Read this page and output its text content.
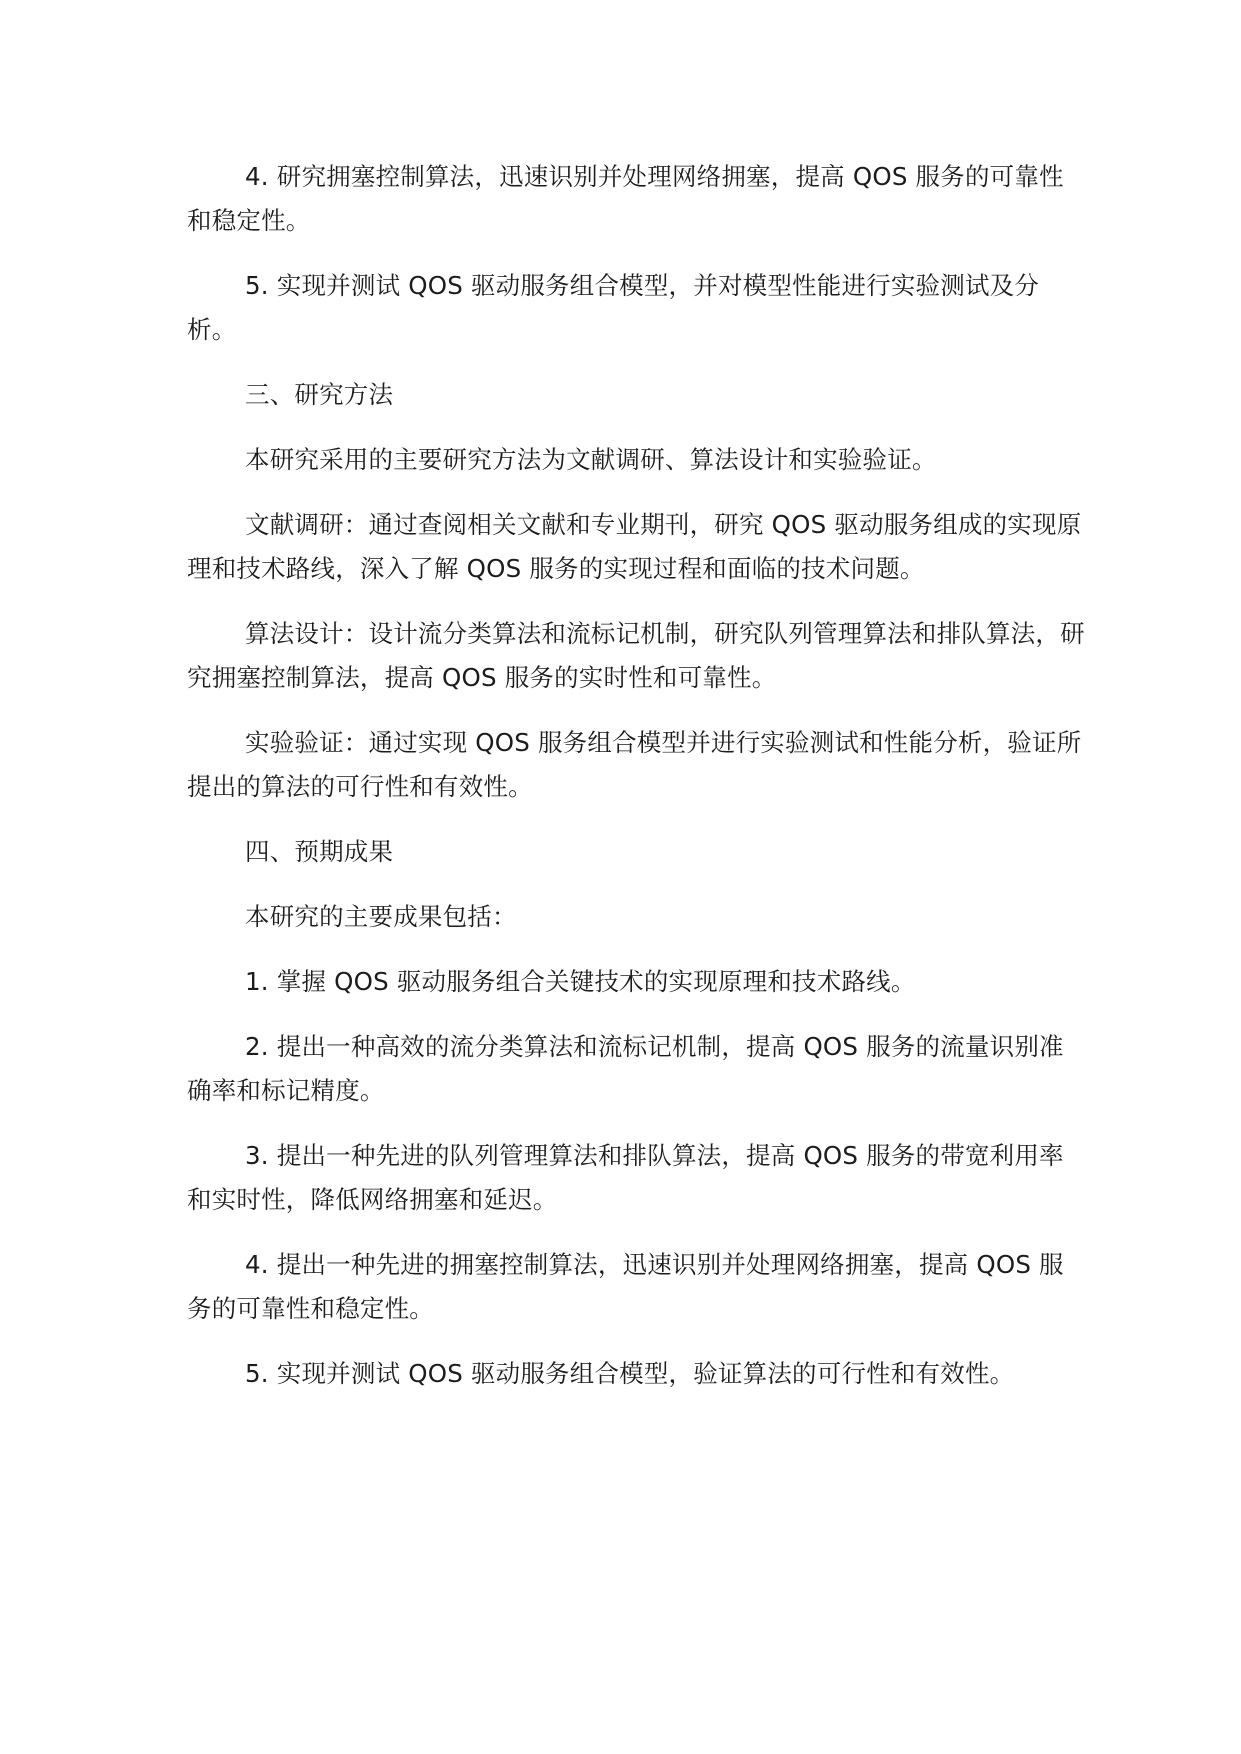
4. 研究拥塞控制算法，迅速识别并处理网络拥塞，提高 QOS 服务的可靠性和稳定性。

5. 实现并测试 QOS 驱动服务组合模型，并对模型性能进行实验测试及分析。

三、研究方法

本研究采用的主要研究方法为文献调研、算法设计和实验验证。

文献调研：通过查阅相关文献和专业期刊，研究 QOS 驱动服务组成的实现原理和技术路线，深入了解 QOS 服务的实现过程和面临的技术问题。

算法设计：设计流分类算法和流标记机制，研究队列管理算法和排队算法，研究拥塞控制算法，提高 QOS 服务的实时性和可靠性。

实验验证：通过实现 QOS 服务组合模型并进行实验测试和性能分析，验证所提出的算法的可行性和有效性。

四、预期成果

本研究的主要成果包括：

1. 掌握 QOS 驱动服务组合关键技术的实现原理和技术路线。

2. 提出一种高效的流分类算法和流标记机制，提高 QOS 服务的流量识别准确率和标记精度。

3. 提出一种先进的队列管理算法和排队算法，提高 QOS 服务的带宽利用率和实时性，降低网络拥塞和延迟。

4. 提出一种先进的拥塞控制算法，迅速识别并处理网络拥塞，提高 QOS 服务的可靠性和稳定性。

5. 实现并测试 QOS 驱动服务组合模型，验证算法的可行性和有效性。
